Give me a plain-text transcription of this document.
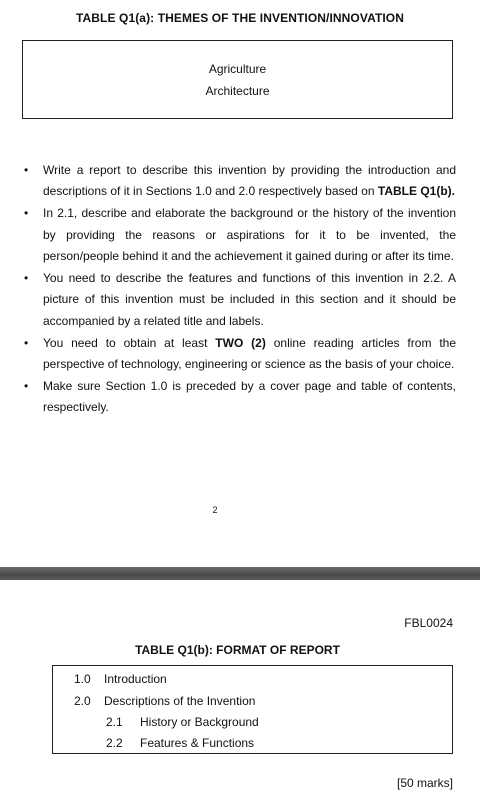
TABLE Q1(a): THEMES OF THE INVENTION/INNOVATION
Agriculture
Architecture
• Write a report to describe this invention by providing the introduction and descriptions of it in Sections 1.0 and 2.0 respectively based on TABLE Q1(b).
• In 2.1, describe and elaborate the background or the history of the invention by providing the reasons or aspirations for it to be invented, the person/people behind it and the achievement it gained during or after its time.
• You need to describe the features and functions of this invention in 2.2. A picture of this invention must be included in this section and it should be accompanied by a related title and labels.
• You need to obtain at least TWO (2) online reading articles from the perspective of technology, engineering or science as the basis of your choice.
• Make sure Section 1.0 is preceded by a cover page and table of contents, respectively.
2
FBL0024
TABLE Q1(b): FORMAT OF REPORT
1.0 Introduction
2.0 Descriptions of the Invention
2.1 History or Background
2.2 Features & Functions
[50 marks]
